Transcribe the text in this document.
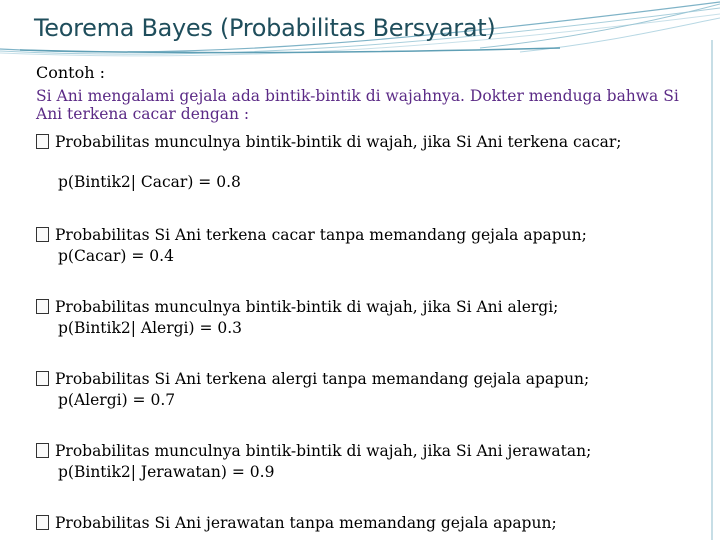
Teorema Bayes (Probabilitas Bersyarat)
Contoh :
Si Ani mengalami gejala ada bintik-bintik di wajahnya. Dokter menduga bahwa Si Ani terkena cacar dengan :
Probabilitas munculnya bintik-bintik di wajah, jika Si Ani terkena cacar;
p(Bintik2| Cacar) = 0.8
Probabilitas Si Ani terkena cacar tanpa memandang gejala apapun;
p(Cacar) = 0.4
Probabilitas munculnya bintik-bintik di wajah, jika Si Ani alergi;
p(Bintik2| Alergi) = 0.3
Probabilitas Si Ani terkena alergi tanpa memandang gejala apapun;
p(Alergi) = 0.7
Probabilitas munculnya bintik-bintik di wajah, jika Si Ani jerawatan;
p(Bintik2| Jerawatan) = 0.9
Probabilitas Si Ani jerawatan tanpa memandang gejala apapun;
